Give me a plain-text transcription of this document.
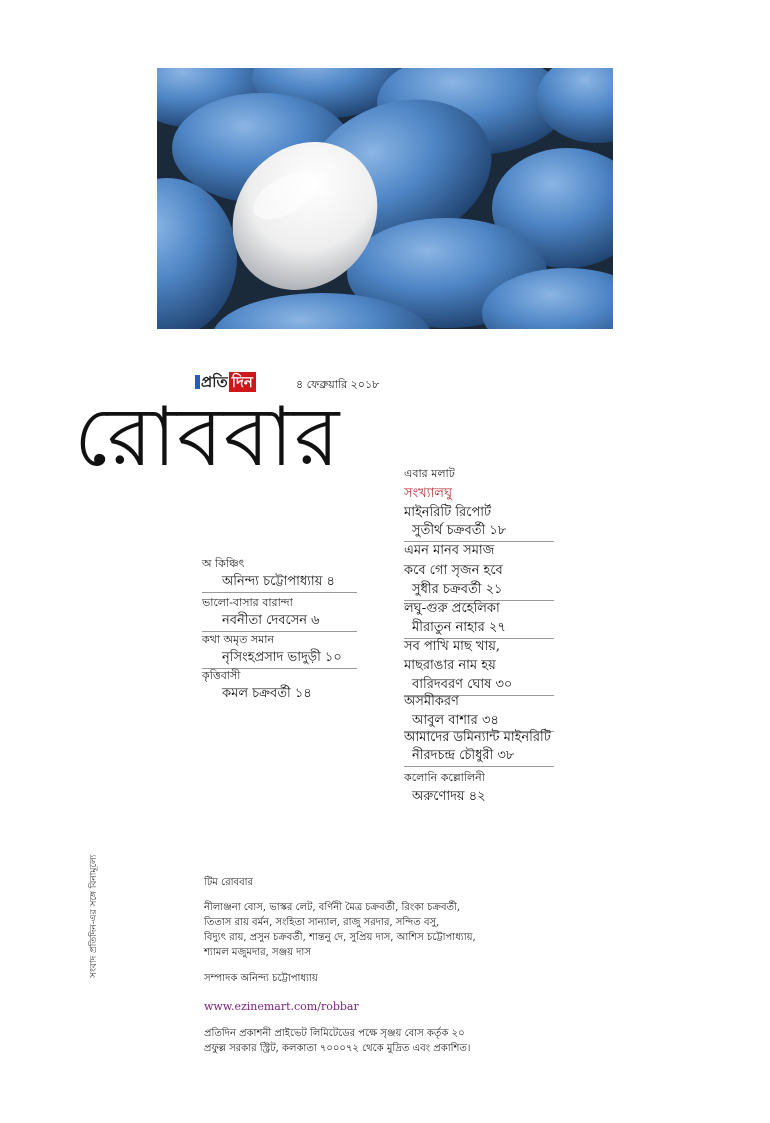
প্রতি দিন	৪ ফেব্রুয়ারি ২০১৮
রোববার
অ কিঞ্চিৎ
অনিন্দ্য চট্টোপাধ্যায় ৪
ভালো-বাসার বারান্দা
নবনীতা দেবসেন ৬
কথা অমৃত সমান
নৃসিংহপ্রসাদ ভাদুড়ী ১০
কৃত্তিবাসী
কমল চক্রবর্তী ১৪
এবার মলাট
সংখ্যালঘু
মাইনরিটি রিপোর্ট
সুতীর্থ চক্রবর্তী ১৮
এমন মানব সমাজ
কবে গো সৃজন হবে
সুধীর চক্রবর্তী ২১
লঘু-গুরু প্রহেলিকা
মীরাতুন নাহার ২৭
সব পাখি মাছ খায়,
মাছরাঙার নাম হয়
বারিদবরণ ঘোষ ৩০
অসমীকরণ
আবুল বাশার ৩৪
আমাদের ডমিন্যান্ট মাইনরিটি
নীরদচন্দ্র চৌধুরী ৩৮
কলোনি কল্লোলিনী
অরুণোদয় ৪২
টিম রোববার
নীলাঞ্জনা বোস, ভাস্কর লেট, বর্ণিনী মৈত্র চক্রবর্তী, রিংকা চক্রবর্তী,
তিতাস রায় বর্মন, সংহিতা সান্যাল, রাজু সরদার, সন্দিত বসু,
বিদ্যুৎ রায়, প্রসুন চক্রবর্তী, শান্তনু দে, সুপ্রিয় দাস, আশিস চট্টোপাধ্যায়,
শ্যামল মজুমদার, সঞ্জয় দাস
সম্পাদক অনিন্দ্য চট্টোপাধ্যায়
www.ezinemart.com/robbar
প্রতিদিন প্রকাশনী প্রাইভেট লিমিটেডের পক্ষে সৃঞ্জয় বোস কর্তৃক ২০
প্রফুল্ল সরকার স্ট্রিট, কলকাতা ৭০০০৭২ থেকে মুদ্রিত এবং প্রকাশিত।
সংবাদ প্রতিদিন-এর সঙ্গে বিনামূল্যে
